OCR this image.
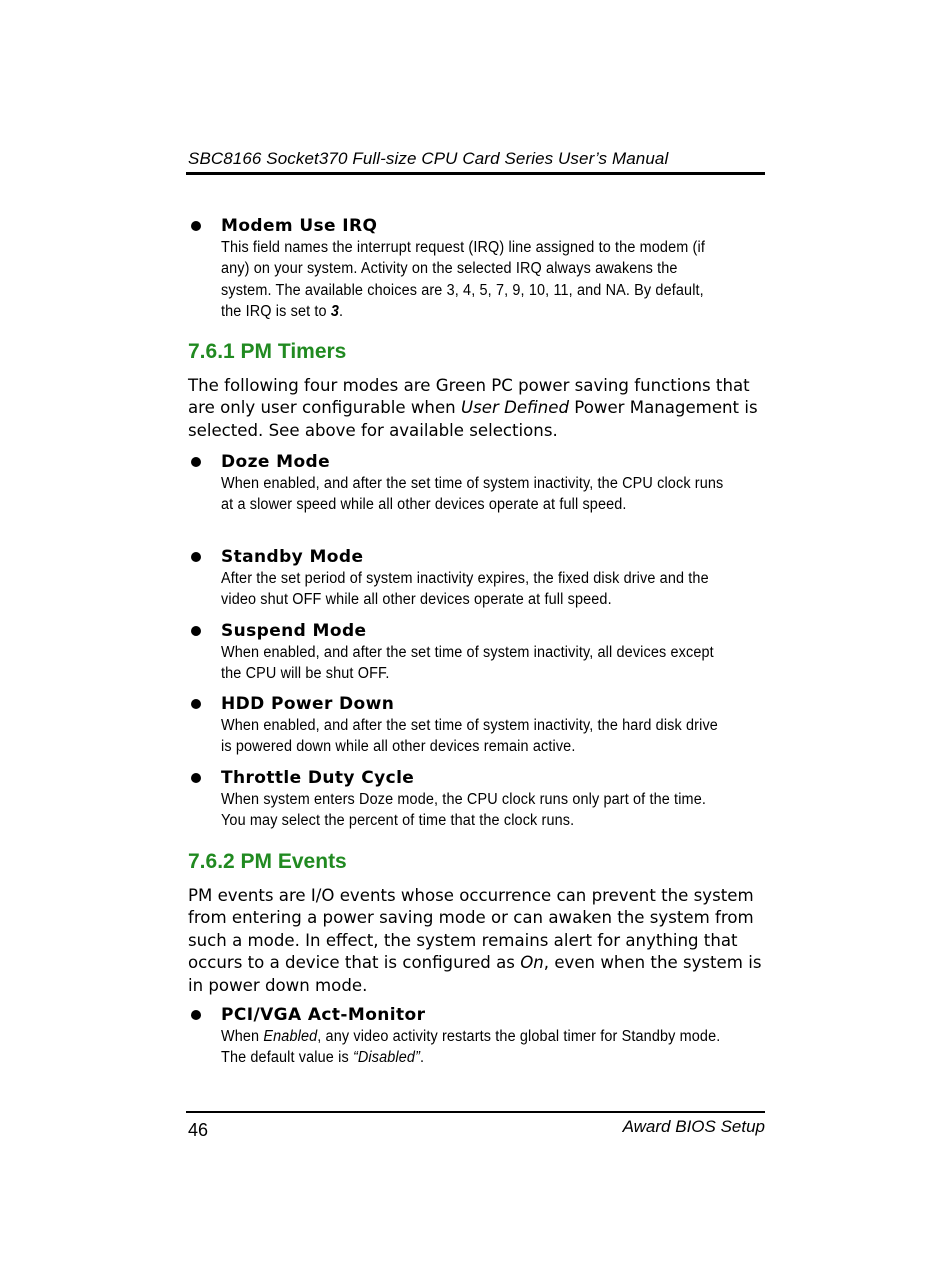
SBC8166 Socket370 Full-size CPU Card Series User’s Manual
Modem Use IRQ
This field names the interrupt request (IRQ) line assigned to the modem (if any) on your system. Activity on the selected IRQ always awakens the system. The available choices are 3, 4, 5, 7, 9, 10, 11, and NA. By default, the IRQ is set to 3.
7.6.1 PM Timers
The following four modes are Green PC power saving functions that are only user configurable when User Defined Power Management is selected. See above for available selections.
Doze Mode
When enabled, and after the set time of system inactivity, the CPU clock runs at a slower speed while all other devices operate at full speed.
Standby Mode
After the set period of system inactivity expires, the fixed disk drive and the video shut OFF while all other devices operate at full speed.
Suspend Mode
When enabled, and after the set time of system inactivity, all devices except the CPU will be shut OFF.
HDD Power Down
When enabled, and after the set time of system inactivity, the hard disk drive is powered down while all other devices remain active.
Throttle Duty Cycle
When system enters Doze mode, the CPU clock runs only part of the time. You may select the percent of time that the clock runs.
7.6.2 PM Events
PM events are I/O events whose occurrence can prevent the system from entering a power saving mode or can awaken the system from such a mode. In effect, the system remains alert for anything that occurs to a device that is configured as On, even when the system is in power down mode.
PCI/VGA Act-Monitor
When Enabled, any video activity restarts the global timer for Standby mode. The default value is “Disabled”.
46	Award BIOS Setup
